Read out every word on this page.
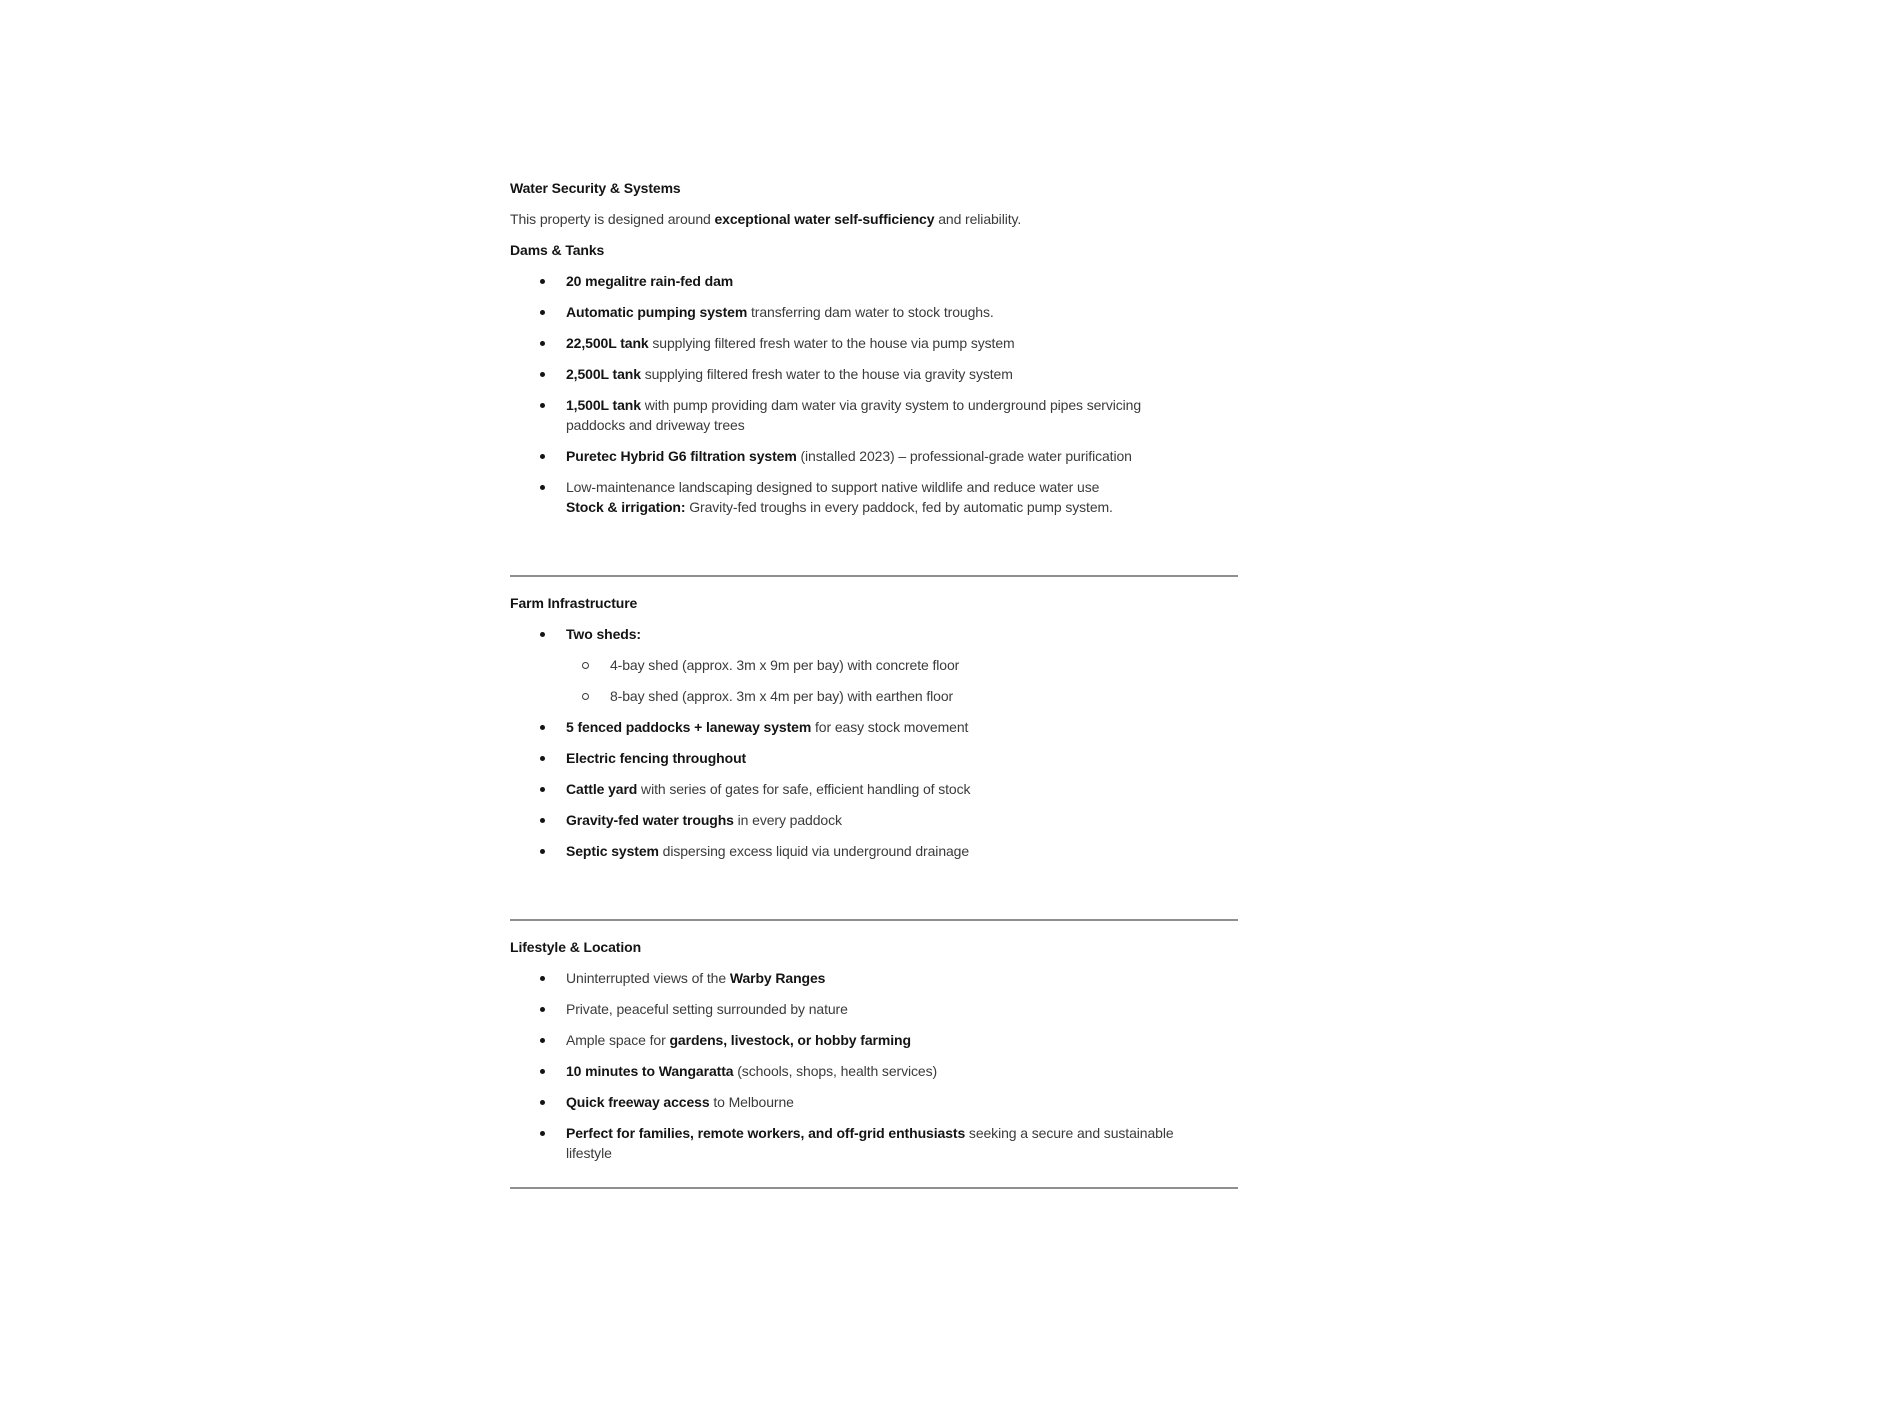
Water Security & Systems
This property is designed around exceptional water self-sufficiency and reliability.
Dams & Tanks
20 megalitre rain-fed dam
Automatic pumping system transferring dam water to stock troughs.
22,500L tank supplying filtered fresh water to the house via pump system
2,500L tank supplying filtered fresh water to the house via gravity system
1,500L tank with pump providing dam water via gravity system to underground pipes servicing
paddocks and driveway trees
Puretec Hybrid G6 filtration system (installed 2023) – professional-grade water purification
Low-maintenance landscaping designed to support native wildlife and reduce water use
Stock & irrigation: Gravity-fed troughs in every paddock, fed by automatic pump system.
Farm Infrastructure
Two sheds:
4-bay shed (approx. 3m x 9m per bay) with concrete floor
8-bay shed (approx. 3m x 4m per bay) with earthen floor
5 fenced paddocks + laneway system for easy stock movement
Electric fencing throughout
Cattle yard with series of gates for safe, efficient handling of stock
Gravity-fed water troughs in every paddock
Septic system dispersing excess liquid via underground drainage
Lifestyle & Location
Uninterrupted views of the Warby Ranges
Private, peaceful setting surrounded by nature
Ample space for gardens, livestock, or hobby farming
10 minutes to Wangaratta (schools, shops, health services)
Quick freeway access to Melbourne
Perfect for families, remote workers, and off-grid enthusiasts seeking a secure and sustainable
lifestyle
